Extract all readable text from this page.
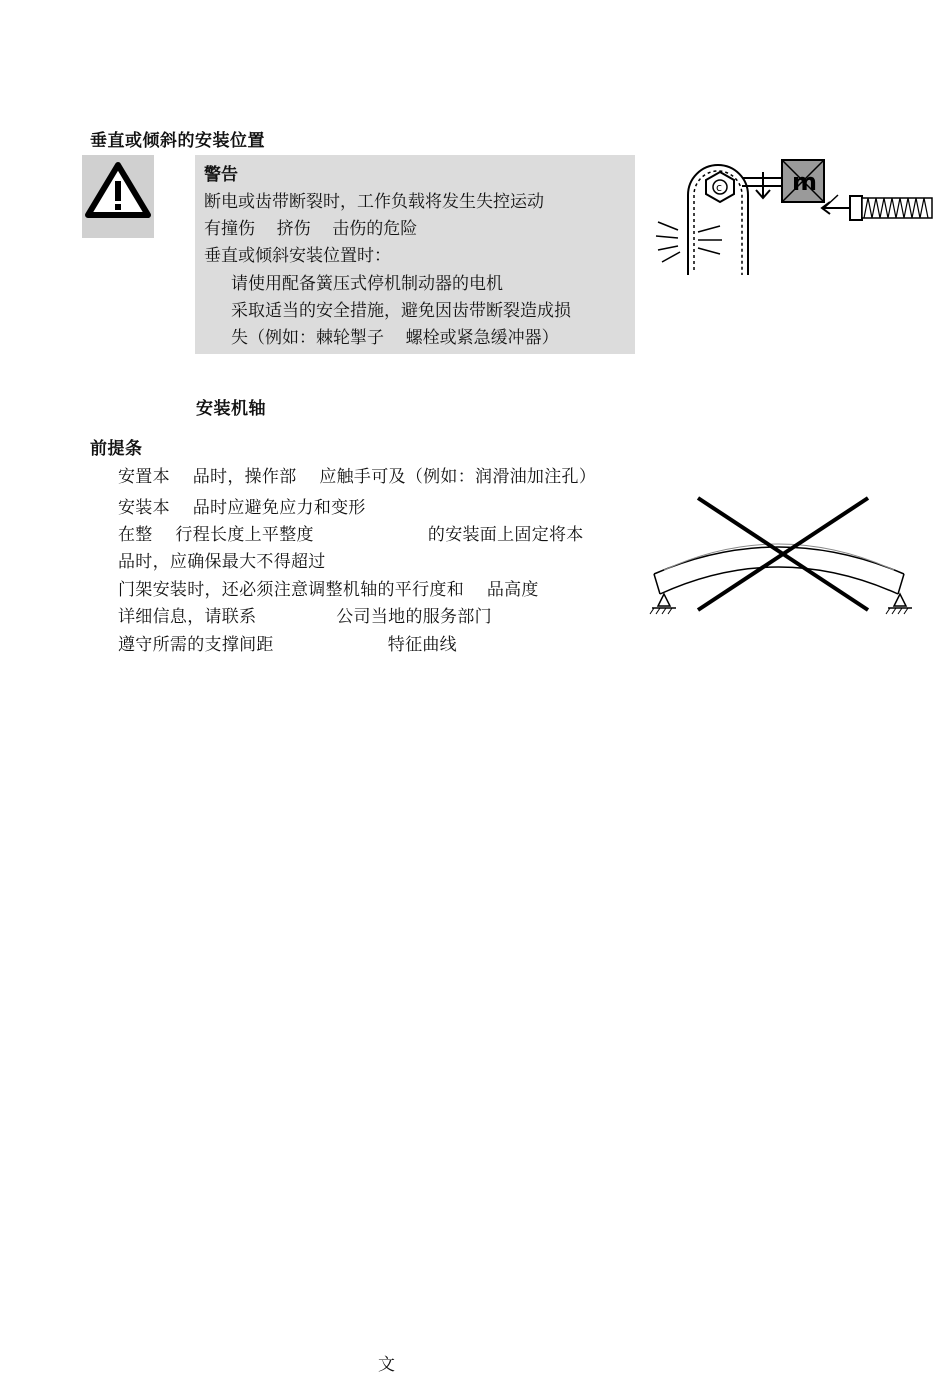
垂直或倾斜的安装位置
警告
断电或齿带断裂时，工作负载将发生失控运动
有撞伤    挤伤    击伤的危险
垂直或倾斜安装位置时：
请使用配备簧压式停机制动器的电机
采取适当的安全措施，避免因齿带断裂造成损
失（例如：棘轮掣子    螺栓或紧急缓冲器）
c	m
安装机轴
前提条
安置本    品时，操作部    应触手可及（例如：润滑油加注孔）
安装本    品时应避免应力和变形
在整    行程长度上平整度                    的安装面上固定将本
品时，应确保最大不得超过
门架安装时，还必须注意调整机轴的平行度和    品高度
详细信息，请联系              公司当地的服务部门
遵守所需的支撑间距                    特征曲线
文
